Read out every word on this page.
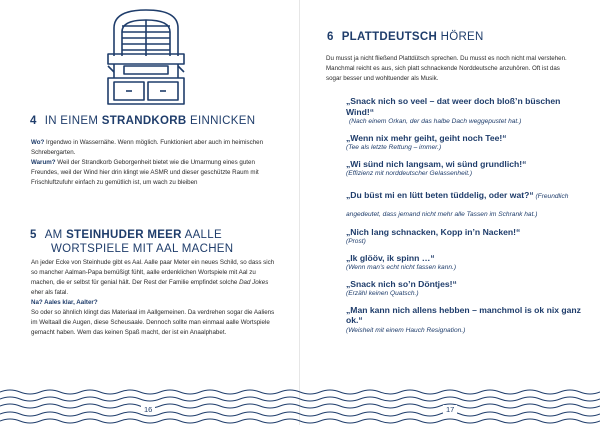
4 IN EINEM STRANDKORB EINNICKEN
Wo? Irgendwo in Wassernähe. Wenn möglich. Funktioniert aber auch im heimischen Schrebergarten.
Warum? Weil der Strandkorb Geborgenheit bietet wie die Umarmung eines guten Freundes, weil der Wind hier drin klingt wie ASMR und dieser geschützte Raum mit Frischluftzufuhr einfach zu gemütlich ist, um wach zu bleiben
5 AM STEINHUDER MEER AALLE
WORTSPIELE MIT AAL MACHEN
An jeder Ecke von Steinhude gibt es Aal. Aalle paar Meter ein neues Schild, so dass sich so mancher Aalman-Papa bemüßigt fühlt, aalle erdenklichen Wortspiele mit Aal zu machen, die er selbst für genial hält. Der Rest der Familie empfindet solche Dad Jokes eher als fatal.
Na? Aales klar, Aalter?
So oder so ähnlich klingt das Materiaal im Aallgemeinen. Da verdrehen sogar die Aaliens im Weltaall die Augen, diese Scheusaale. Dennoch sollte man einmaal aalle Wortspiele gemacht haben. Wem das keinen Spaß macht, der ist ein Anaalphabet.
6 PLATTDEUTSCH HÖREN
Du musst ja nicht fließend Plattdütsch sprechen. Du musst es noch nicht mal verstehen. Manchmal reicht es aus, sich platt schnackende Norddeutsche anzuhören. Oft ist das sogar besser und wohltuender als Musik.
„Snack nich so veel – dat weer doch bloß’n büschen Wind!“
(Nach einem Orkan, der das halbe Dach weggepustet hat.)
„Wenn nix mehr geiht, geiht noch Tee!“
(Tee als letzte Rettung – immer.)
„Wi sünd nich langsam, wi sünd grundlich!“
(Effizienz mit norddeutscher Gelassenheit.)
„Du büst mi en lütt beten tüddelig, oder wat?“ (Freundlich angedeutet, dass jemand nicht mehr alle Tassen im Schrank hat.)
„Nich lang schnacken, Kopp in’n Nacken!“
(Prost)
„Ik glööv, ik spinn …“
(Wenn man’s echt nicht fassen kann.)
„Snack nich so’n Döntjes!“
(Erzähl keinen Quatsch.)
„Man kann nich allens hebben – manchmol is ok nix ganz ok.“
(Weisheit mit einem Hauch Resignation.)
16	17
